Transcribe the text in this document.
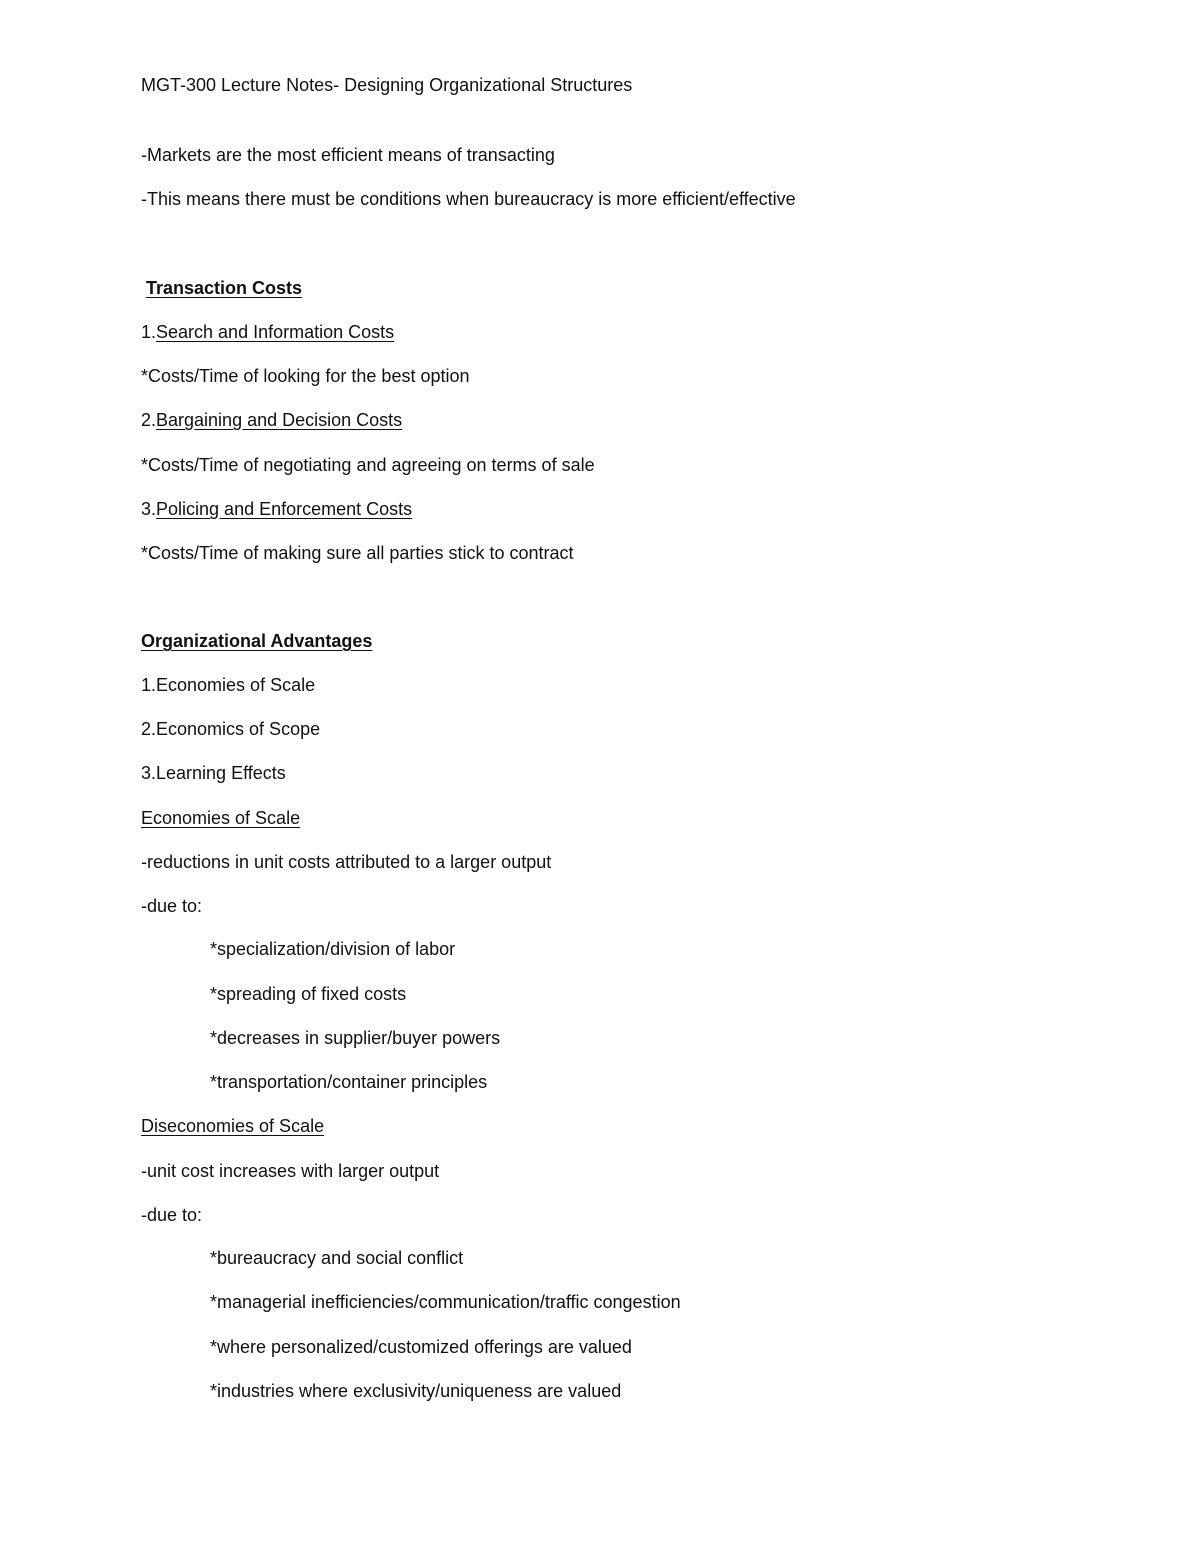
MGT-300 Lecture Notes- Designing Organizational Structures
-Markets are the most efficient means of transacting
-This means there must be conditions when bureaucracy is more efficient/effective
Transaction Costs
1.Search and Information Costs
*Costs/Time of looking for the best option
2.Bargaining and Decision Costs
*Costs/Time of negotiating and agreeing on terms of sale
3.Policing and Enforcement Costs
*Costs/Time of making sure all parties stick to contract
Organizational Advantages
1.Economies of Scale
2.Economics of Scope
3.Learning Effects
Economies of Scale
-reductions in unit costs attributed to a larger output
-due to:
*specialization/division of labor
*spreading of fixed costs
*decreases in supplier/buyer powers
*transportation/container principles
Diseconomies of Scale
-unit cost increases with larger output
-due to:
*bureaucracy and social conflict
*managerial inefficiencies/communication/traffic congestion
*where personalized/customized offerings are valued
*industries where exclusivity/uniqueness are valued
